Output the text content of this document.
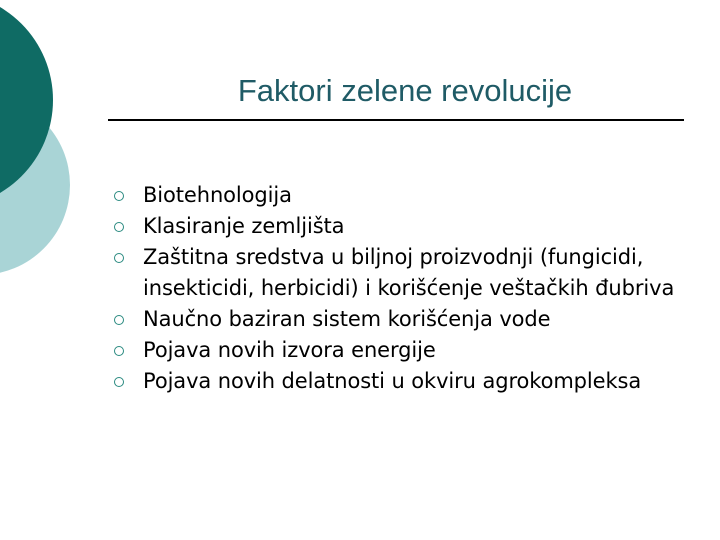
Faktori zelene revolucije
Biotehnologija
Klasiranje zemljišta
Zaštitna sredstva u biljnoj proizvodnji (fungicidi, insekticidi, herbicidi) i korišćenje veštačkih đubriva
Naučno baziran sistem korišćenja vode
Pojava novih izvora energije
Pojava novih delatnosti u okviru agrokompleksa
